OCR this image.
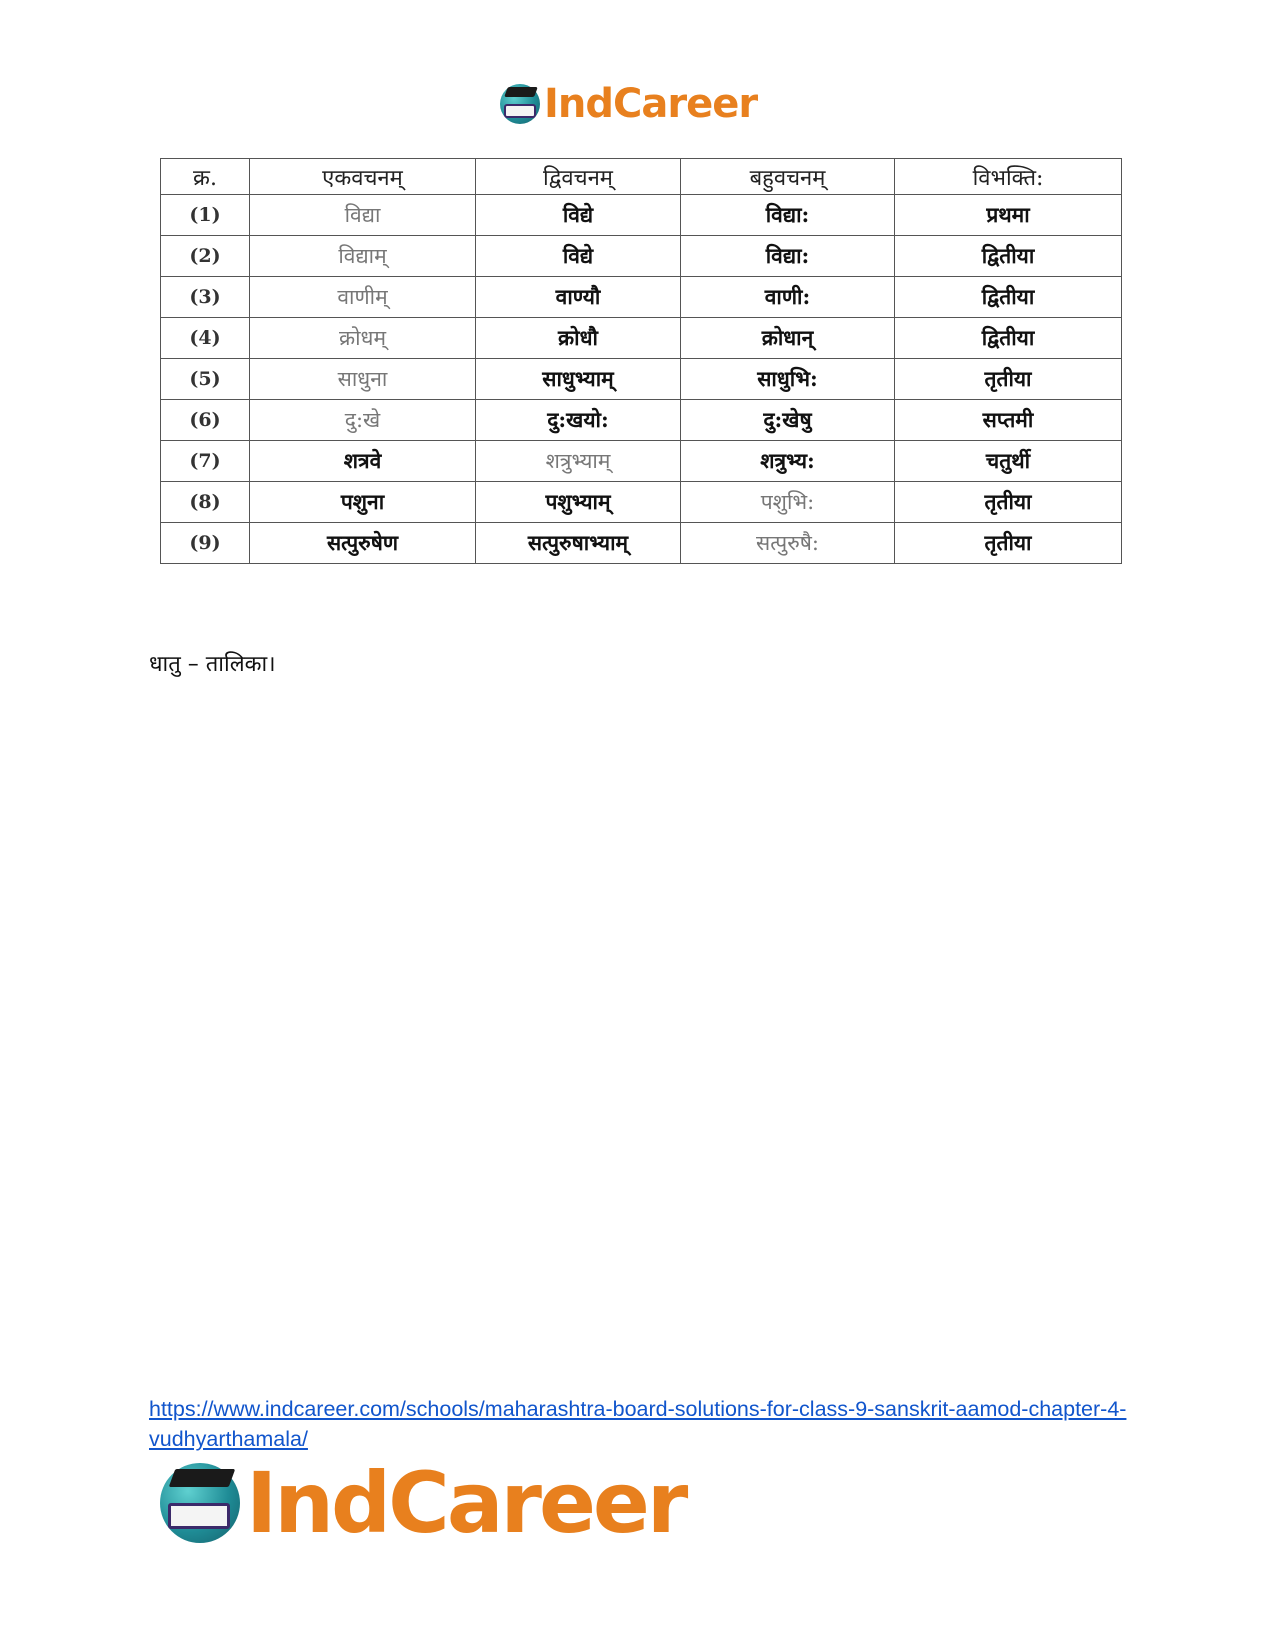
IndCareer
क्र.	एकवचनम्	द्विवचनम्	बहुवचनम्	विभक्ति:
(1)	विद्या	विद्ये	विद्या:	प्रथमा
(2)	विद्याम्	विद्ये	विद्या:	द्वितीया
(3)	वाणीम्	वाण्यौ	वाणी:	द्वितीया
(4)	क्रोधम्	क्रोधौ	क्रोधान्	द्वितीया
(5)	साधुना	साधुभ्याम्	साधुभि:	तृतीया
(6)	दु:खे	दु:खयो:	दु:खेषु	सप्तमी
(7)	शत्रवे	शत्रुभ्याम्	शत्रुभ्य:	चतुर्थी
(8)	पशुना	पशुभ्याम्	पशुभि:	तृतीया
(9)	सत्पुरुषेण	सत्पुरुषाभ्याम्	सत्पुरुषै:	तृतीया
धातु – तालिका।
https://www.indcareer.com/schools/maharashtra-board-solutions-for-class-9-sanskrit-aamod-chapter-4-vudhyarthamala/
IndCareer
